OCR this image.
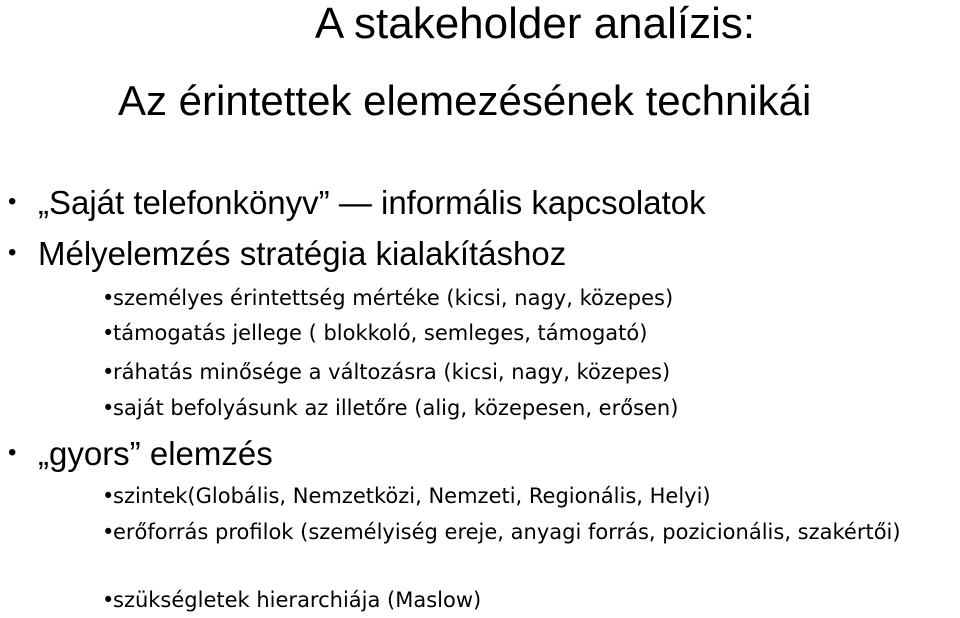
A stakeholder analízis:
Az érintettek elemezésének technikái
• „Saját telefonkönyv” — informális kapcsolatok
• Mélyelemzés stratégia kialakításhoz
•személyes érintettség mértéke (kicsi, nagy, közepes)
•támogatás jellege ( blokkoló, semleges, támogató)
•ráhatás minősége a változásra (kicsi, nagy, közepes)
•saját befolyásunk az illetőre (alig, közepesen, erősen)
• „gyors” elemzés
•szintek(Globális, Nemzetközi, Nemzeti, Regionális, Helyi)
•erőforrás profilok (személyiség ereje, anyagi forrás, pozicionális, szakértői)
•szükségletek hierarchiája (Maslow)
